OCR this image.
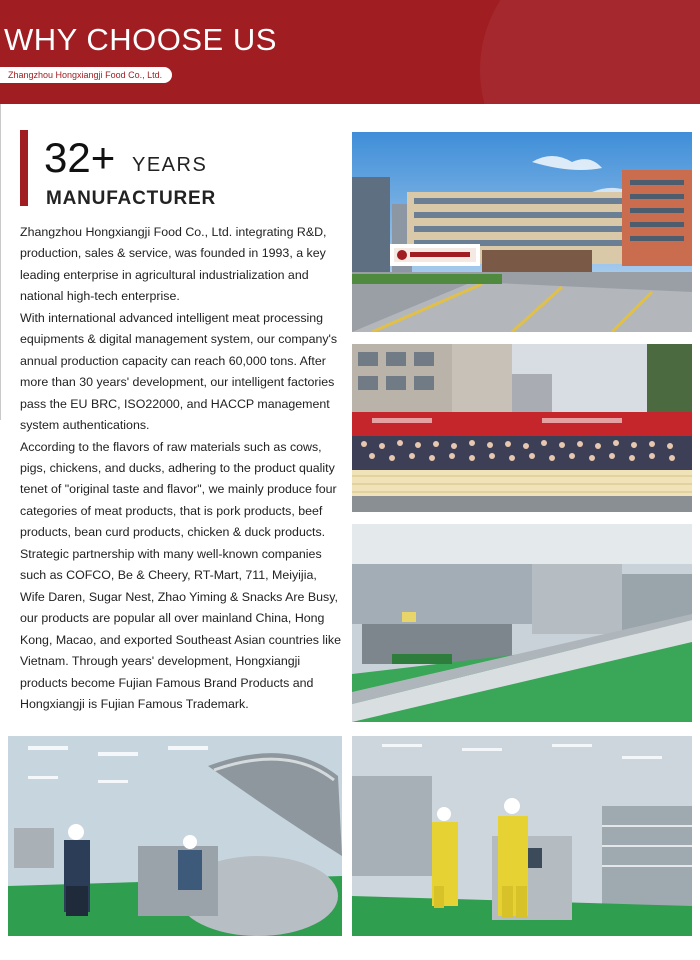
WHY CHOOSE US
Zhangzhou Hongxiangji Food Co., Ltd.
32+ YEARS
MANUFACTURER

Zhangzhou Hongxiangji Food Co., Ltd. integrating R&D, production, sales & service, was founded in 1993, a key leading enterprise in agricultural industrialization and national high-tech enterprise.

With international advanced intelligent meat processing equipments & digital management system, our company's annual production capacity can reach 60,000 tons. After more than 30 years' development, our intelligent factories pass the EU BRC, ISO22000, and HACCP management system authentications.

According to the flavors of raw materials such as cows, pigs, chickens, and ducks, adhering to the product quality tenet of "original taste and flavor", we mainly produce four categories of meat products, that is pork products, beef products, bean curd products, chicken & duck products.

Strategic partnership with many well-known companies such as COFCO, Be & Cheery, RT-Mart, 711, Meiyijia, Wife Daren, Sugar Nest, Zhao Yiming & Snacks Are Busy, our products are popular all over mainland China, Hong Kong, Macao, and exported Southeast Asian countries like Vietnam. Through years' development, Hongxiangji products become Fujian Famous Brand Products and Hongxiangji is Fujian Famous Trademark.
